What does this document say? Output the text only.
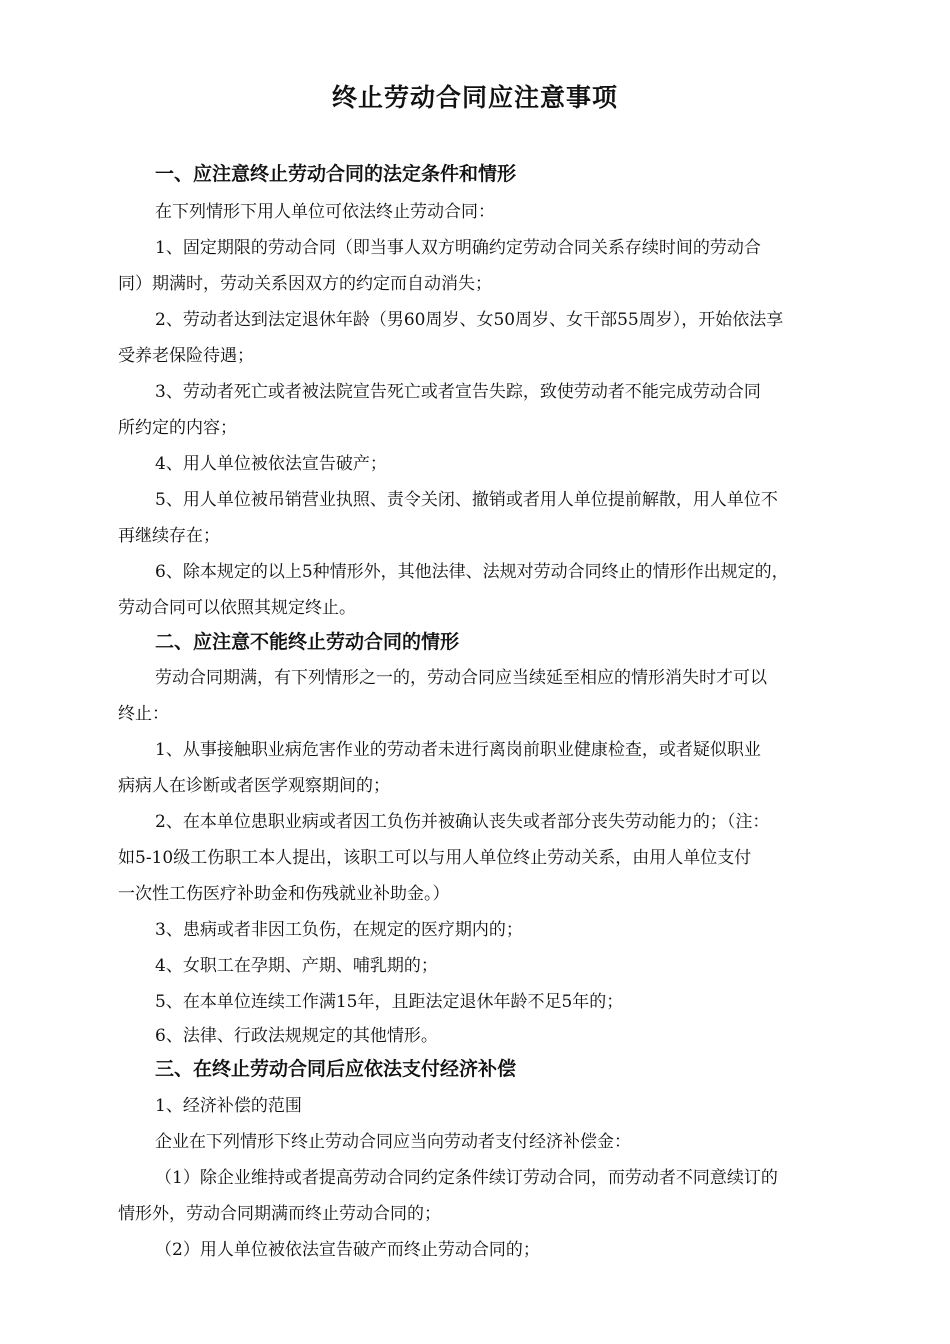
终止劳动合同应注意事项
一、应注意终止劳动合同的法定条件和情形
在下列情形下用人单位可依法终止劳动合同：
1、固定期限的劳动合同（即当事人双方明确约定劳动合同关系存续时间的劳动合
同）期满时，劳动关系因双方的约定而自动消失；
2、劳动者达到法定退休年龄（男60周岁、女50周岁、女干部55周岁），开始依法享
受养老保险待遇；
3、劳动者死亡或者被法院宣告死亡或者宣告失踪，致使劳动者不能完成劳动合同
所约定的内容；
4、用人单位被依法宣告破产；
5、用人单位被吊销营业执照、责令关闭、撤销或者用人单位提前解散，用人单位不
再继续存在；
6、除本规定的以上5种情形外，其他法律、法规对劳动合同终止的情形作出规定的，
劳动合同可以依照其规定终止。
二、应注意不能终止劳动合同的情形
劳动合同期满，有下列情形之一的，劳动合同应当续延至相应的情形消失时才可以
终止：
1、从事接触职业病危害作业的劳动者未进行离岗前职业健康检查，或者疑似职业
病病人在诊断或者医学观察期间的；
2、在本单位患职业病或者因工负伤并被确认丧失或者部分丧失劳动能力的；（注：
如5-10级工伤职工本人提出，该职工可以与用人单位终止劳动关系，由用人单位支付
一次性工伤医疗补助金和伤残就业补助金。）
3、患病或者非因工负伤，在规定的医疗期内的；
4、女职工在孕期、产期、哺乳期的；
5、在本单位连续工作满15年，且距法定退休年龄不足5年的；
6、法律、行政法规规定的其他情形。
三、在终止劳动合同后应依法支付经济补偿
1、经济补偿的范围
企业在下列情形下终止劳动合同应当向劳动者支付经济补偿金：
（1）除企业维持或者提高劳动合同约定条件续订劳动合同，而劳动者不同意续订的
情形外，劳动合同期满而终止劳动合同的；
（2）用人单位被依法宣告破产而终止劳动合同的；
